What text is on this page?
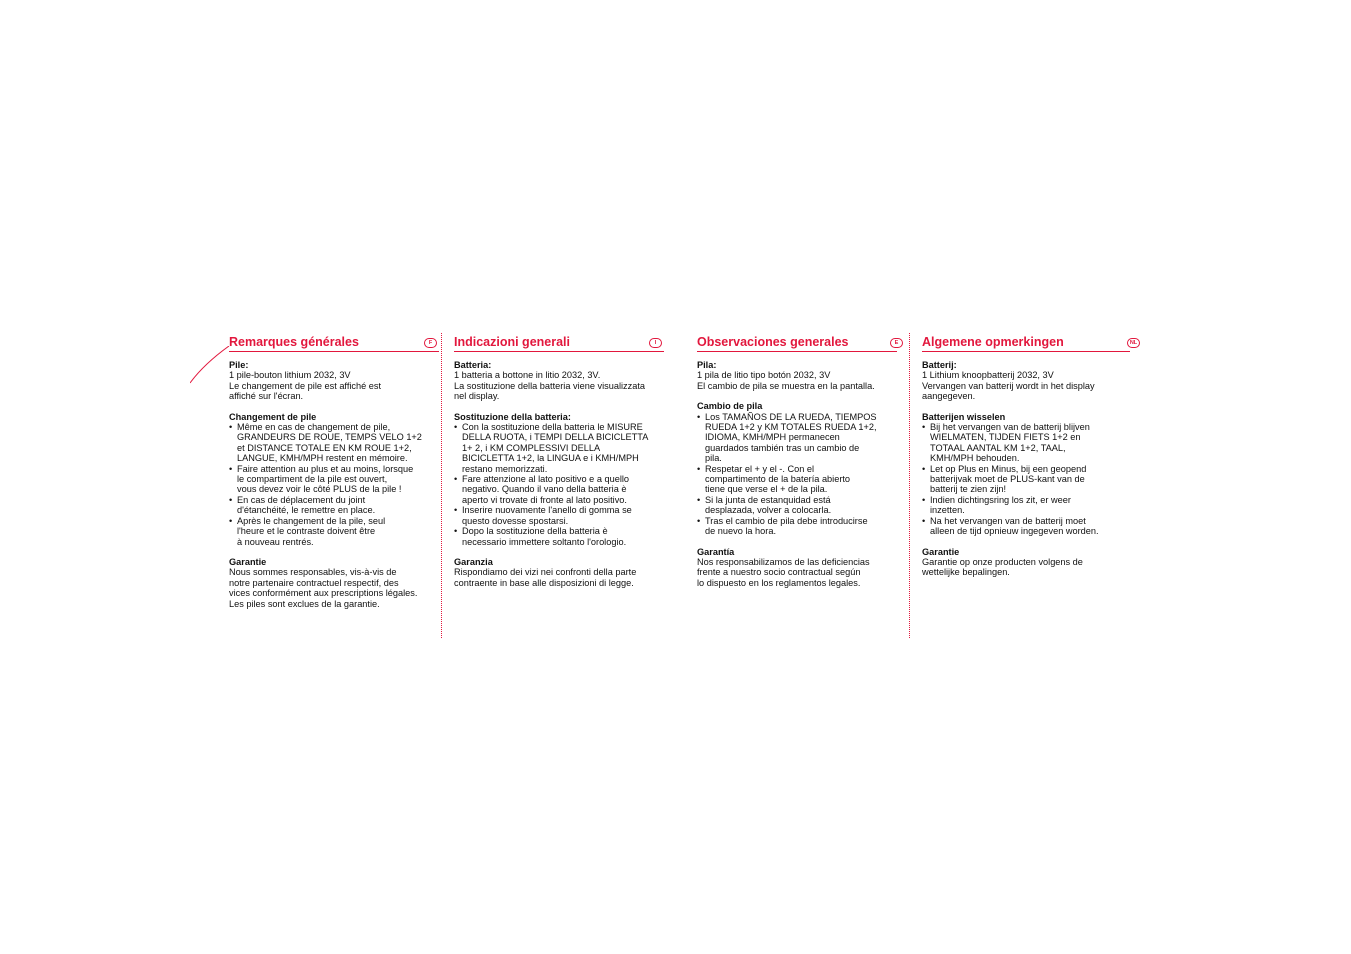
Remarques générales	F
Pile:
1 pile-bouton lithium 2032, 3V
Le changement de pile est affiché est
affiché sur l'écran.
Changement de pile
• Même en cas de changement de pile,
GRANDEURS DE ROUE, TEMPS VELO 1+2
et DISTANCE TOTALE EN KM ROUE 1+2,
LANGUE, KMH/MPH restent en mémoire.
• Faire attention au plus et au moins, lorsque
le compartiment de la pile est ouvert,
vous devez voir le côté PLUS de la pile !
• En cas de déplacement du joint
d'étanchéité, le remettre en place.
• Après le changement de la pile, seul
l'heure et le contraste doivent être
à nouveau rentrés.
Garantie
Nous sommes responsables, vis-à-vis de
notre partenaire contractuel respectif, des
vices conformément aux prescriptions légales.
Les piles sont exclues de la garantie.
Indicazioni generali	I
Batteria:
1 batteria a bottone in litio 2032, 3V.
La sostituzione della batteria viene visualizzata
nel display.
Sostituzione della batteria:
• Con la sostituzione della batteria le MISURE
DELLA RUOTA, i TEMPI DELLA BICICLETTA
1+ 2, i KM COMPLESSIVI DELLA
BICICLETTA 1+2, la LINGUA e i KMH/MPH
restano memorizzati.
• Fare attenzione al lato positivo e a quello
negativo. Quando il vano della batteria è
aperto vi trovate di fronte al lato positivo.
• Inserire nuovamente l'anello di gomma se
questo dovesse spostarsi.
• Dopo la sostituzione della batteria è
necessario immettere soltanto l'orologio.
Garanzia
Rispondiamo dei vizi nei confronti della parte
contraente in base alle disposizioni di legge.
Observaciones generales	E
Pila:
1 pila de litio tipo botón 2032, 3V
El cambio de pila se muestra en la pantalla.
Cambio de pila
• Los TAMAÑOS DE LA RUEDA, TIEMPOS
RUEDA 1+2 y KM TOTALES RUEDA 1+2,
IDIOMA, KMH/MPH permanecen
guardados también tras un cambio de
pila.
• Respetar el + y el -. Con el
compartimento de la batería abierto
tiene que verse el + de la pila.
• Si la junta de estanquidad está
desplazada, volver a colocarla.
• Tras el cambio de pila debe introducirse
de nuevo la hora.
Garantía
Nos responsabilizamos de las deficiencias
frente a nuestro socio contractual según
lo dispuesto en los reglamentos legales.
Algemene opmerkingen	NL
Batterij:
1 Lithium knoopbatterij 2032, 3V
Vervangen van batterij wordt in het display
aangegeven.
Batterijen wisselen
• Bij het vervangen van de batterij blijven
WIELMATEN, TIJDEN FIETS 1+2 en
TOTAAL AANTAL KM 1+2, TAAL,
KMH/MPH behouden.
• Let op Plus en Minus, bij een geopend
batterijvak moet de PLUS-kant van de
batterij te zien zijn!
• Indien dichtingsring los zit, er weer
inzetten.
• Na het vervangen van de batterij moet
alleen de tijd opnieuw ingegeven worden.
Garantie
Garantie op onze producten volgens de
wettelijke bepalingen.
